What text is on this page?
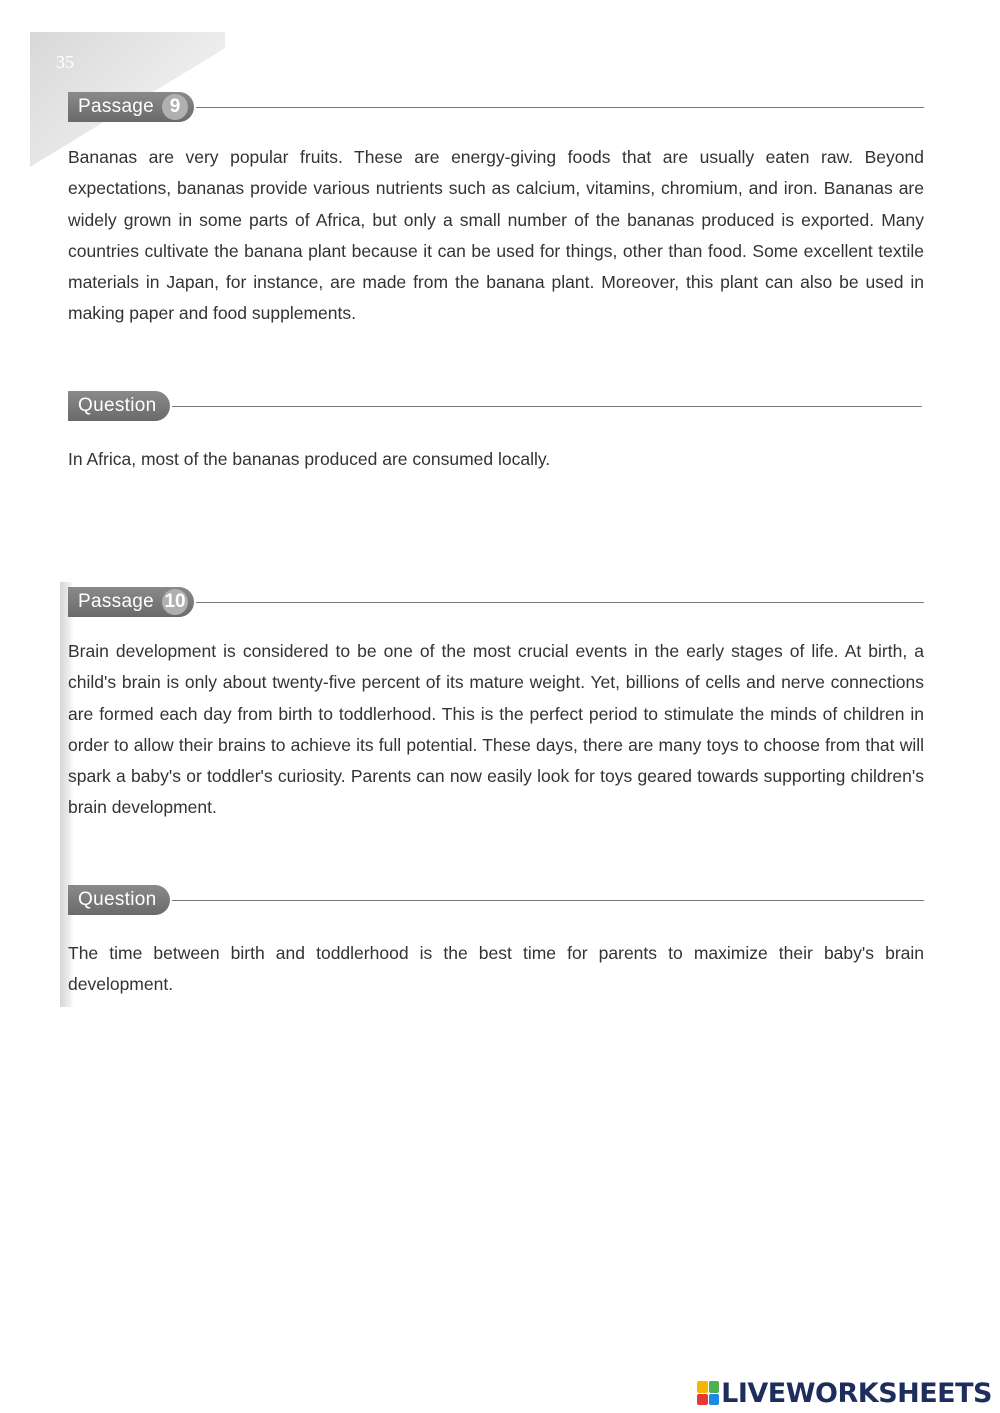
35
Passage 9

Bananas are very popular fruits. These are energy-giving foods that are usually eaten raw. Beyond expectations, bananas provide various nutrients such as calcium, vitamins, chromium, and iron. Bananas are widely grown in some parts of Africa, but only a small number of the bananas produced is exported. Many countries cultivate the banana plant because it can be used for things, other than food. Some excellent textile materials in Japan, for instance, are made from the banana plant. Moreover, this plant can also be used in making paper and food supplements.

Question

In Africa, most of the bananas produced are consumed locally.

Passage 10

Brain development is considered to be one of the most crucial events in the early stages of life. At birth, a child's brain is only about twenty-five percent of its mature weight. Yet, billions of cells and nerve connections are formed each day from birth to toddlerhood. This is the perfect period to stimulate the minds of children in order to allow their brains to achieve its full potential. These days, there are many toys to choose from that will spark a baby's or toddler's curiosity. Parents can now easily look for toys geared towards supporting children's brain development.

Question

The time between birth and toddlerhood is the best time for parents to maximize their baby's brain development.

LIVEWORKSHEETS
